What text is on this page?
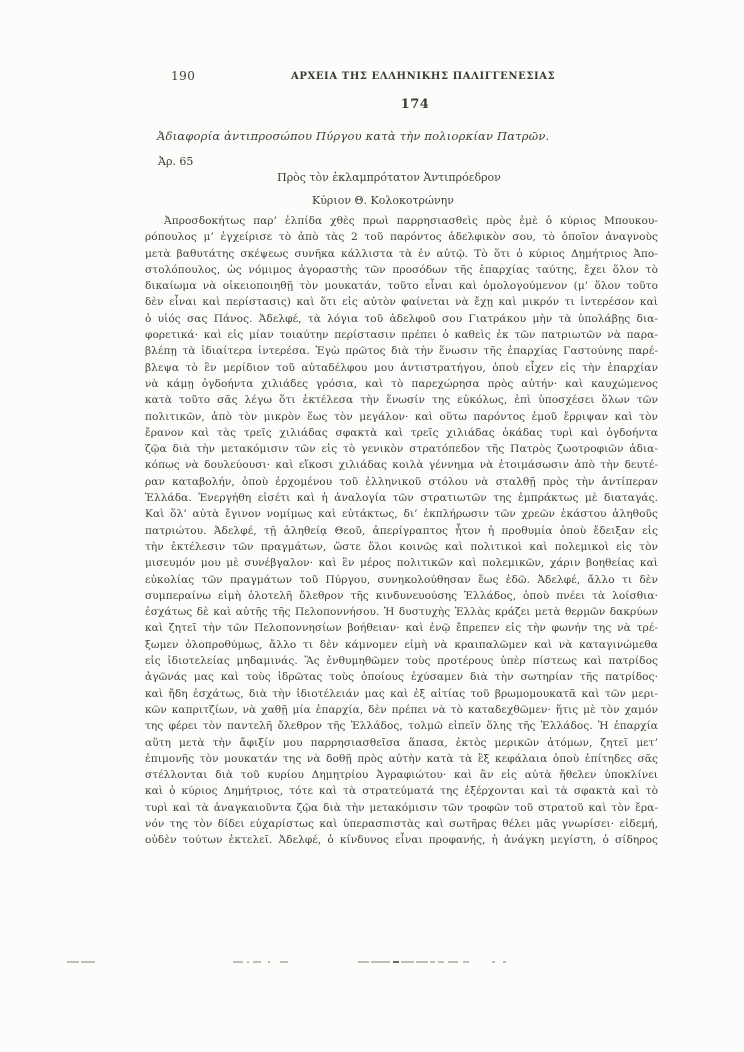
190	ΑΡΧΕΙΑ ΤΗΣ ΕΛΛΗΝΙΚΗΣ ΠΑΛΙΓΓΕΝΕΣΙΑΣ
174
Ἀδιαφορία ἀντιπροσώπου Πύργου κατὰ τὴν πολιορκίαν Πατρῶν.
Ἀρ. 65
Πρὸς τὸν ἐκλαμπρότατον Ἀντιπρόεδρον
Κύριον Θ. Κολοκοτρώνην
Ἀπροσδοκήτως παρ’ ἐλπίδα χθὲς πρωὶ παρρησιασθεὶς πρὸς ἐμὲ ὁ κύριος Μπουκου-
ρόπουλος μ’ ἐγχείρισε τὸ ἀπὸ τὰς 2 τοῦ παρόντος ἀδελφικὸν σου, τὸ ὁποῖον ἀναγνοὺς
μετὰ βαθυτάτης σκέψεως συνῆκα κάλλιστα τὰ ἐν αὐτῷ. Τὸ ὅτι ὁ κύριος Δημήτριος Ἀπο-
στολόπουλος, ὡς νόμιμος ἀγοραστὴς τῶν προσόδων τῆς ἐπαρχίας ταύτης, ἔχει ὅλον τὸ
δικαίωμα νὰ οἰκειοποιηθῇ τὸν μουκατάν, τοῦτο εἶναι καὶ ὁμολογούμενον (μ’ ὅλον τοῦτο
δὲν εἶναι καὶ περίστασις) καὶ ὅτι εἰς αὐτὸν φαίνεται νὰ ἔχῃ καὶ μικρόν τι ἰντερέσον καὶ
ὁ υἱός σας Πάνος. Ἀδελφέ, τὰ λόγια τοῦ ἀδελφοῦ σου Γιατράκου μὴν τὰ ὑπολάβῃς δια-
φορετικά· καὶ εἰς μίαν τοιαύτην περίστασιν πρέπει ὁ καθεὶς ἐκ τῶν πατριωτῶν νὰ παρα-
βλέπῃ τὰ ἰδιαίτερα ἰντερέσα. Ἐγὼ πρῶτος διὰ τὴν ἕνωσιν τῆς ἐπαρχίας Γαστούνης παρέ-
βλεψα τὸ ἓν μερίδιον τοῦ αὐταδέλφου μου ἀντιστρατήγου, ὁποὺ εἶχεν εἰς τὴν ἐπαρχίαν
νὰ κάμῃ ὀγδοήντα χιλιάδες γρόσια, καὶ τὸ παρεχώρησα πρὸς αὐτήν· καὶ καυχώμενος
κατὰ τοῦτο σᾶς λέγω ὅτι ἐκτέλεσα τὴν ἕνωσίν της εὐκόλως, ἐπὶ ὑποσχέσει ὅλων τῶν
πολιτικῶν, ἀπὸ τὸν μικρὸν ἕως τὸν μεγάλον· καὶ οὕτω παρόντος ἐμοῦ ἔρριψαν καὶ τὸν
ἔρανον καὶ τὰς τρεῖς χιλιάδας σφακτὰ καὶ τρεῖς χιλιάδας ὀκάδας τυρὶ καὶ ὀγδοήντα
ζῷα διὰ τὴν μετακόμισιν τῶν εἰς τὸ γενικὸν στρατόπεδον τῆς Πατρὸς ζωοτροφιῶν ἀδια-
κόπως νὰ δουλεύουσι· καὶ εἴκοσι χιλιάδας κοιλὰ γέννημα νὰ ἑτοιμάσωσιν ἀπὸ τὴν δευτέ-
ραν καταβολήν, ὁποὺ ἐρχομένου τοῦ ἑλληνικοῦ στόλου νὰ σταλθῇ πρὸς τὴν ἀντίπεραν
Ἑλλάδα. Ἐνεργήθη εἰσέτι καὶ ἡ ἀναλογία τῶν στρατιωτῶν της ἐμπράκτως μὲ διαταγάς.
Καὶ ὅλ’ αὐτὰ ἔγινον νομίμως καὶ εὐτάκτως, δι’ ἐκπλήρωσιν τῶν χρεῶν ἑκάστου ἀληθοῦς
πατριώτου. Ἀδελφέ, τῇ ἀληθείᾳ Θεοῦ, ἀπερίγραπτος ἦτον ἡ προθυμία ὁποὺ ἔδειξαν εἰς
τὴν ἐκτέλεσιν τῶν πραγμάτων, ὥστε ὅλοι κοινῶς καὶ πολιτικοὶ καὶ πολεμικοὶ εἰς τὸν
μισευμόν μου μὲ συνέβγαλον· καὶ ἓν μέρος πολιτικῶν καὶ πολεμικῶν, χάριν βοηθείας καὶ
εὐκολίας τῶν πραγμάτων τοῦ Πύργου, συνηκολούθησαν ἕως ἐδῶ. Ἀδελφέ, ἄλλο τι δὲν
συμπεραίνω εἰμὴ ὁλοτελῆ ὄλεθρον τῆς κινδυνευούσης Ἑλλάδος, ὁποὺ πνέει τὰ λοίσθια·
ἐσχάτως δὲ καὶ αὐτῆς τῆς Πελοποννήσου. Ἡ δυστυχὴς Ἑλλὰς κράζει μετὰ θερμῶν δακρύων
καὶ ζητεῖ τὴν τῶν Πελοποννησίων βοήθειαν· καὶ ἐνῷ ἔπρεπεν εἰς τὴν φωνήν της νὰ τρέ-
ξωμεν ὁλοπροθύμως, ἄλλο τι δὲν κάμνομεν εἰμὴ νὰ κραιπαλῶμεν καὶ νὰ καταγινώμεθα
εἰς ἰδιοτελείας μηδαμινάς. Ἂς ἐνθυμηθῶμεν τοὺς προτέρους ὑπὲρ πίστεως καὶ πατρίδος
ἀγῶνάς μας καὶ τοὺς ἱδρῶτας τοὺς ὁποίους ἐχύσαμεν διὰ τὴν σωτηρίαν τῆς πατρίδος·
καὶ ἤδη ἐσχάτως, διὰ τὴν ἰδιοτέλειάν μας καὶ ἐξ αἰτίας τοῦ βρωμομουκατᾶ καὶ τῶν μερι-
κῶν καπριτζίων, νὰ χαθῇ μία ἐπαρχία, δὲν πρέπει νὰ τὸ καταδεχθῶμεν· ἥτις μὲ τὸν χαμόν
της φέρει τὸν παντελῆ ὄλεθρον τῆς Ἑλλάδος, τολμῶ εἰπεῖν ὅλης τῆς Ἑλλάδος. Ἡ ἐπαρχία
αὕτη μετὰ τὴν ἄφιξίν μου παρρησιασθεῖσα ἅπασα, ἐκτὸς μερικῶν ἀτόμων, ζητεῖ μετ’
ἐπιμονῆς τὸν μουκατάν της νὰ δοθῇ πρὸς αὐτὴν κατὰ τὰ ἓξ κεφάλαια ὁποὺ ἐπίτηδες σᾶς
στέλλονται διὰ τοῦ κυρίου Δημητρίου Ἀγραφιώτου· καὶ ἂν εἰς αὐτὰ ἤθελεν ὑποκλίνει
καὶ ὁ κύριος Δημήτριος, τότε καὶ τὰ στρατεύματά της ἐξέρχονται καὶ τὰ σφακτὰ καὶ τὸ
τυρὶ καὶ τὰ ἀναγκαιοῦντα ζῷα διὰ τὴν μετακόμισιν τῶν τροφῶν τοῦ στρατοῦ καὶ τὸν ἔρα-
νόν της τὸν δίδει εὐχαρίστως καὶ ὑπερασπιστὰς καὶ σωτῆρας θέλει μᾶς γνωρίσει· εἰδεμή,
οὐδὲν τούτων ἐκτελεῖ. Ἀδελφέ, ὁ κίνδυνος εἶναι προφανής, ἡ ἀνάγκη μεγίστη, ὁ σίδηρος
